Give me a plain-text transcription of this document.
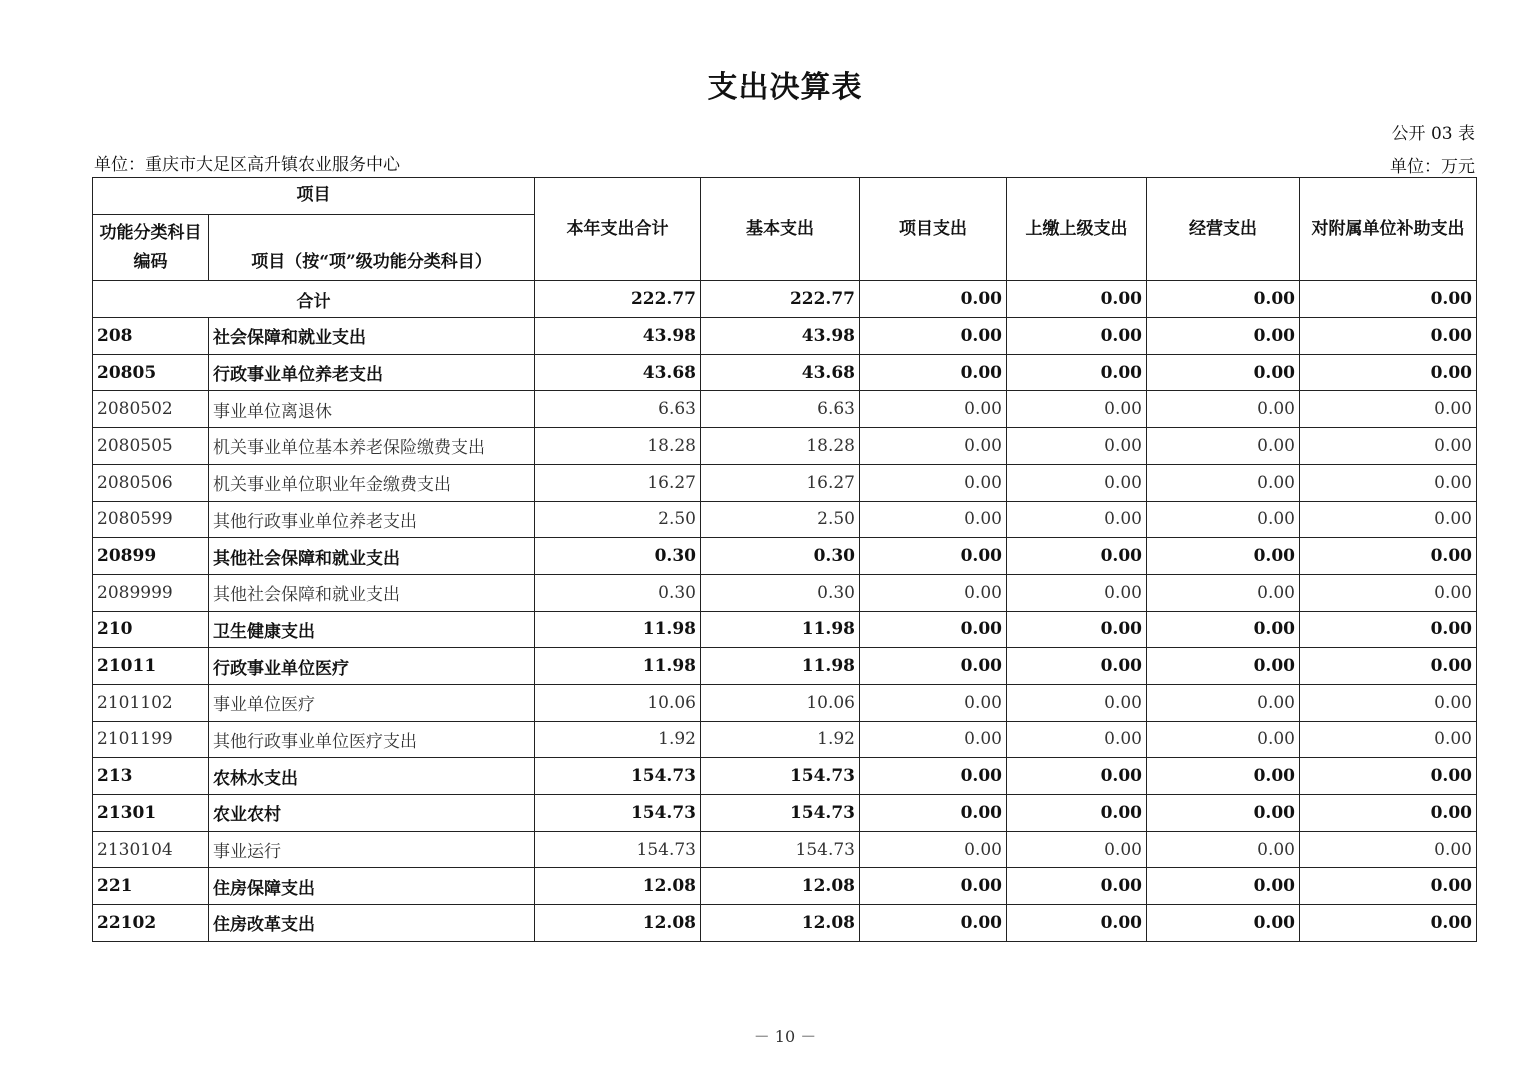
支出决算表
公开 03 表
单位：重庆市大足区高升镇农业服务中心	单位：万元
项目		本年支出合计	基本支出	项目支出	上缴上级支出	经营支出	对附属单位补助支出
功能分类科目编码	项目（按“项”级功能分类科目）						
合计		222.77	222.77	0.00	0.00	0.00	0.00
208	社会保障和就业支出	43.98	43.98	0.00	0.00	0.00	0.00
20805	行政事业单位养老支出	43.68	43.68	0.00	0.00	0.00	0.00
2080502	事业单位离退休	6.63	6.63	0.00	0.00	0.00	0.00
2080505	机关事业单位基本养老保险缴费支出	18.28	18.28	0.00	0.00	0.00	0.00
2080506	机关事业单位职业年金缴费支出	16.27	16.27	0.00	0.00	0.00	0.00
2080599	其他行政事业单位养老支出	2.50	2.50	0.00	0.00	0.00	0.00
20899	其他社会保障和就业支出	0.30	0.30	0.00	0.00	0.00	0.00
2089999	其他社会保障和就业支出	0.30	0.30	0.00	0.00	0.00	0.00
210	卫生健康支出	11.98	11.98	0.00	0.00	0.00	0.00
21011	行政事业单位医疗	11.98	11.98	0.00	0.00	0.00	0.00
2101102	事业单位医疗	10.06	10.06	0.00	0.00	0.00	0.00
2101199	其他行政事业单位医疗支出	1.92	1.92	0.00	0.00	0.00	0.00
213	农林水支出	154.73	154.73	0.00	0.00	0.00	0.00
21301	农业农村	154.73	154.73	0.00	0.00	0.00	0.00
2130104	事业运行	154.73	154.73	0.00	0.00	0.00	0.00
221	住房保障支出	12.08	12.08	0.00	0.00	0.00	0.00
22102	住房改革支出	12.08	12.08	0.00	0.00	0.00	0.00
－ 10 －
